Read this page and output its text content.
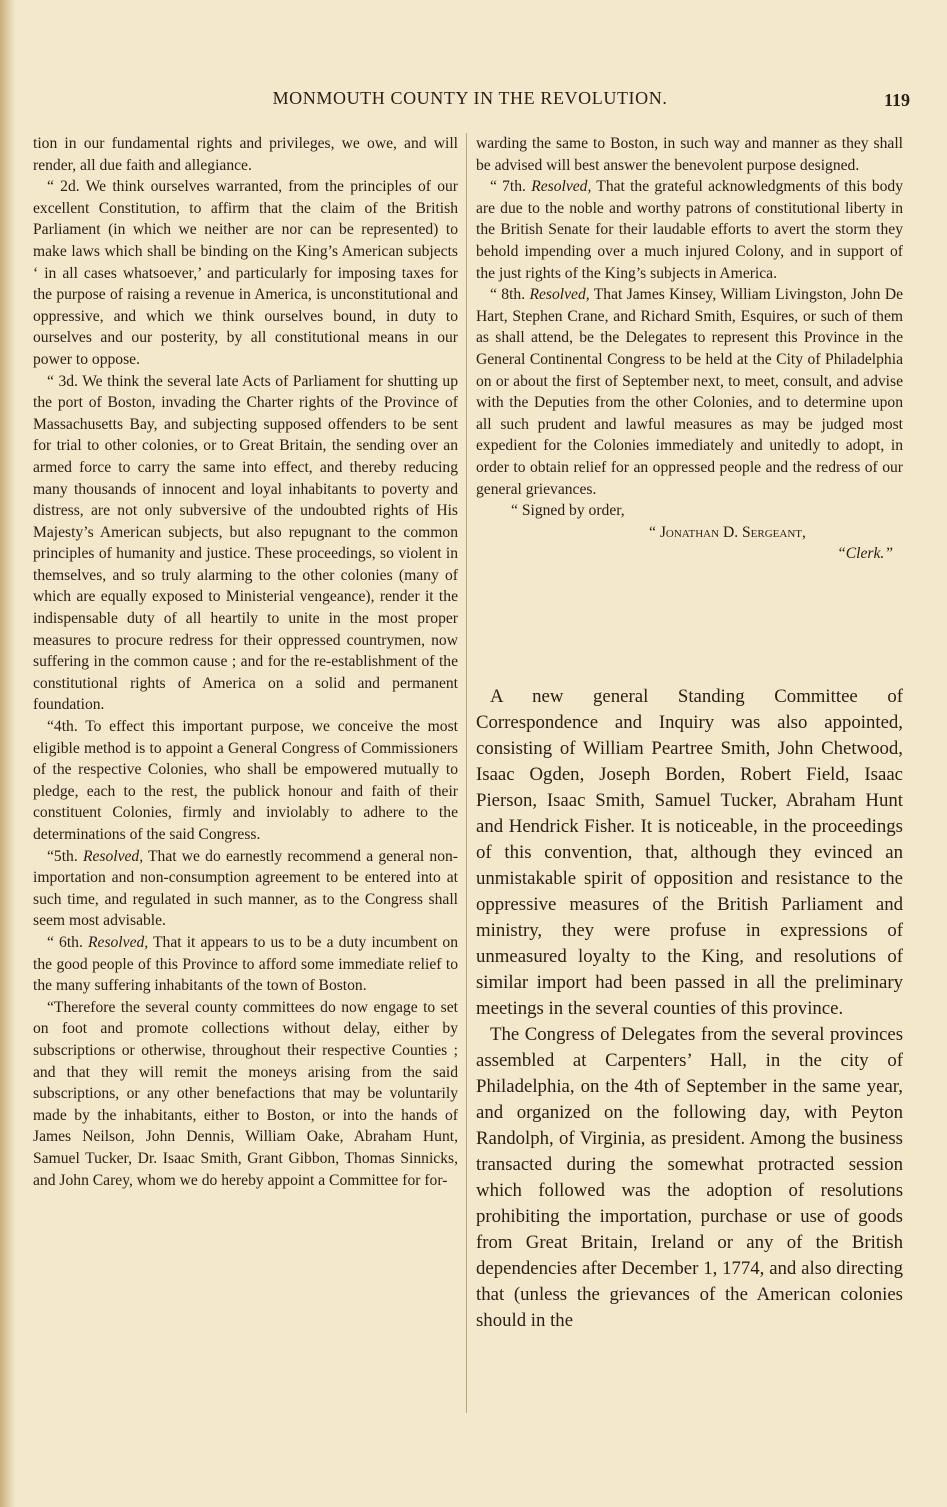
MONMOUTH COUNTY IN THE REVOLUTION.	119

tion in our fundamental rights and privileges, we owe, and will render, all due faith and allegiance.

“ 2d. We think ourselves warranted, from the principles of our excellent Constitution, to affirm that the claim of the British Parliament (in which we neither are nor can be represented) to make laws which shall be binding on the King’s American subjects ‘ in all cases whatsoever,’ and particularly for imposing taxes for the purpose of raising a revenue in America, is unconstitutional and oppressive, and which we think ourselves bound, in duty to ourselves and our posterity, by all constitutional means in our power to oppose.

“ 3d. We think the several late Acts of Parliament for shutting up the port of Boston, invading the Charter rights of the Province of Massachusetts Bay, and subjecting supposed offenders to be sent for trial to other colonies, or to Great Britain, the sending over an armed force to carry the same into effect, and thereby reducing many thousands of innocent and loyal inhabitants to poverty and distress, are not only subversive of the undoubted rights of His Majesty’s American subjects, but also repugnant to the common principles of humanity and justice. These proceedings, so violent in themselves, and so truly alarming to the other colonies (many of which are equally exposed to Ministerial vengeance), render it the indispensable duty of all heartily to unite in the most proper measures to procure redress for their oppressed countrymen, now suffering in the common cause ; and for the re-establishment of the constitutional rights of America on a solid and permanent foundation.

“4th. To effect this important purpose, we conceive the most eligible method is to appoint a General Congress of Commissioners of the respective Colonies, who shall be empowered mutually to pledge, each to the rest, the publick honour and faith of their constituent Colonies, firmly and inviolably to adhere to the determinations of the said Congress.

“5th. Resolved, That we do earnestly recommend a general non-importation and non-consumption agreement to be entered into at such time, and regulated in such manner, as to the Congress shall seem most advisable.

“ 6th. Resolved, That it appears to us to be a duty incumbent on the good people of this Province to afford some immediate relief to the many suffering inhabitants of the town of Boston.

“Therefore the several county committees do now engage to set on foot and promote collections without delay, either by subscriptions or otherwise, throughout their respective Counties ; and that they will remit the moneys arising from the said subscriptions, or any other benefactions that may be voluntarily made by the inhabitants, either to Boston, or into the hands of James Neilson, John Dennis, William Oake, Abraham Hunt, Samuel Tucker, Dr. Isaac Smith, Grant Gibbon, Thomas Sinnicks, and John Carey, whom we do hereby appoint a Committee for for-

warding the same to Boston, in such way and manner as they shall be advised will best answer the benevolent purpose designed.

“ 7th. Resolved, That the grateful acknowledgments of this body are due to the noble and worthy patrons of constitutional liberty in the British Senate for their laudable efforts to avert the storm they behold impending over a much injured Colony, and in support of the just rights of the King’s subjects in America.

“ 8th. Resolved, That James Kinsey, William Livingston, John De Hart, Stephen Crane, and Richard Smith, Esquires, or such of them as shall attend, be the Delegates to represent this Province in the General Continental Congress to be held at the City of Philadelphia on or about the first of September next, to meet, consult, and advise with the Deputies from the other Colonies, and to determine upon all such prudent and lawful measures as may be judged most expedient for the Colonies immediately and unitedly to adopt, in order to obtain relief for an oppressed people and the redress of our general grievances.

“ Signed by order,

“ Jonathan D. Sergeant,

“Clerk.”

A new general Standing Committee of Correspondence and Inquiry was also appointed, consisting of William Peartree Smith, John Chetwood, Isaac Ogden, Joseph Borden, Robert Field, Isaac Pierson, Isaac Smith, Samuel Tucker, Abraham Hunt and Hendrick Fisher. It is noticeable, in the proceedings of this convention, that, although they evinced an unmistakable spirit of opposition and resistance to the oppressive measures of the British Parliament and ministry, they were profuse in expressions of unmeasured loyalty to the King, and resolutions of similar import had been passed in all the preliminary meetings in the several counties of this province.

The Congress of Delegates from the several provinces assembled at Carpenters’ Hall, in the city of Philadelphia, on the 4th of September in the same year, and organized on the following day, with Peyton Randolph, of Virginia, as president. Among the business transacted during the somewhat protracted session which followed was the adoption of resolutions prohibiting the importation, purchase or use of goods from Great Britain, Ireland or any of the British dependencies after December 1, 1774, and also directing that (unless the grievances of the American colonies should in the
